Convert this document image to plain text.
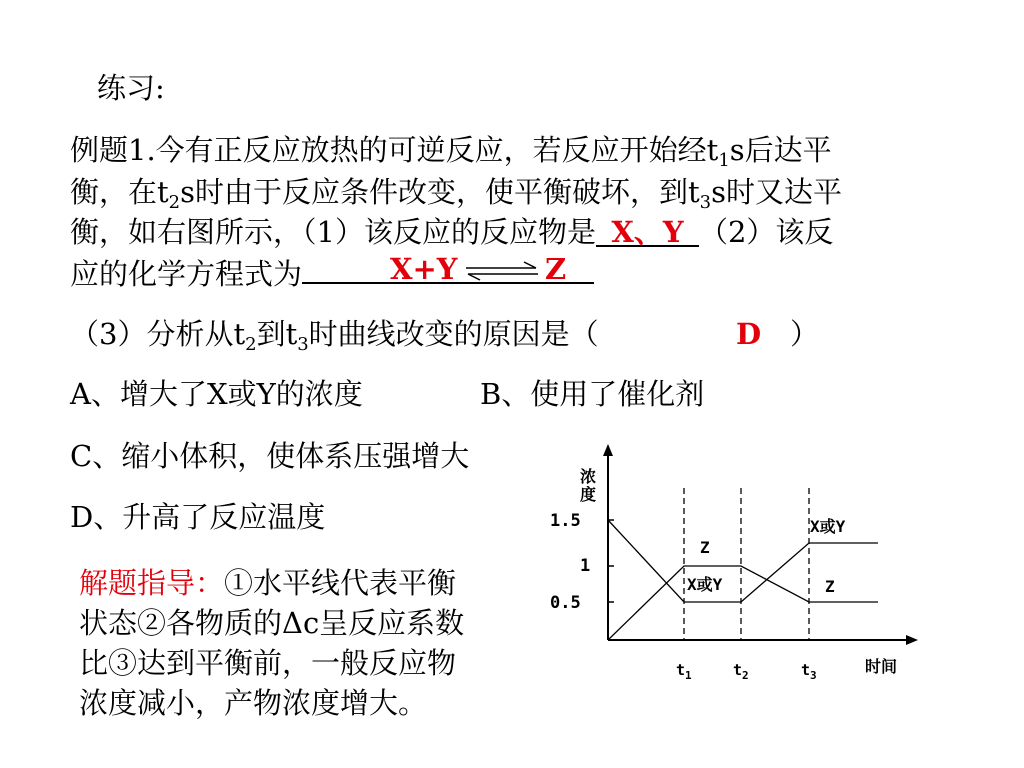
练习:
例题1.今有正反应放热的可逆反应，若反应开始经$t_1s$后达平
衡，在$t_2s$时由于反应条件改变，使平衡破坏，到$t_3s$时又达平
衡，如右图所示，（1）该反应的反应物是 X、Y （2）该反
应的化学方程式为	X+Y	Z
（3）分析从$t_2$到$t_3$时曲线改变的原因是（	D ）
A、增大了X或Y的浓度	B、使用了催化剂
C、缩小体积，使体系压强增大
D、升高了反应温度
解题指导：①水平线代表平衡
状态②各物质的Δc呈反应系数
比③达到平衡前，一般反应物
浓度减小，产物浓度增大。
浓度
1.5
1
0.5
$t_1$	$t_2$	$t_3$	时间
Z
X或Y
X或Y
Z
